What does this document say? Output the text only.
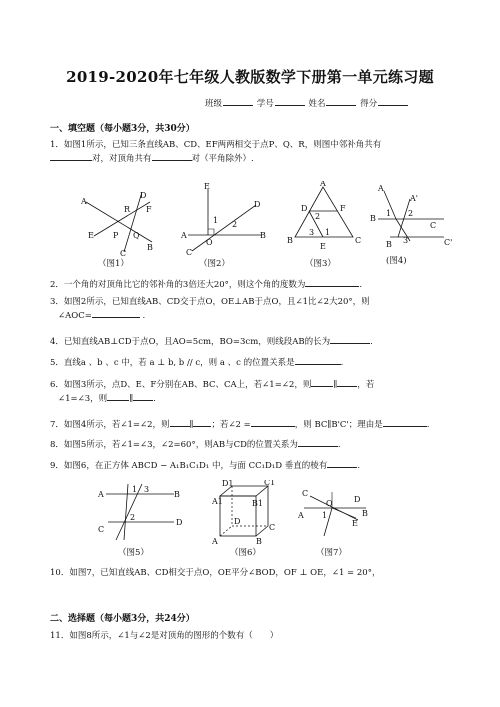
2019-2020年七年级人教版数学下册第一单元练习题
班级	学号	姓名	得分
一、填空题（每小题3分，共30分）
1．如图1所示，已知三条直线AB、CD、EF两两相交于点P、Q、R，则图中邻补角共有
对，对顶角共有	对（平角除外）.
A
D
R F
E P Q
C
B
（图1）
E
D
1 2
A	B
O
C
（图2）
A
D
2
F
3 1
B	C
E
（图3）
A
A'
1
B
2
C
3
B	C'
(图4)
2．一个角的对顶角比它的邻补角的3倍还大20°，则这个角的度数为	.
3．如图2所示，已知直线AB、CD交于点O，OE⊥AB于点O，且∠1比∠2大20°，则
∠AOC=	.
4．已知直线AB⊥CD于点O，且AO=5cm，BO=3cm，则线段AB的长为	.
5．直线a 、b 、c 中，若 a ⊥ b, b // c，则 a 、c 的位置关系是	.
6．如图3所示，点D、E、F分别在AB、BC、CA上，若∠1=∠2，则	∥ ，若
∠1=∠3，则	∥ .
7．如图4所示，若∠1=∠2，则 ∥ ；若∠2 =	，则 BC∥B'C'；理由是	.
8．如图5所示，若∠1=∠3，∠2=60°，则AB与CD的位置关系为	.
9．如图6，在正方体 ABCD − A₁B₁C₁D₁ 中，与面 CC₁D₁D 垂直的棱有	.
A
1 3
B
2
C
D
（图5）
D1	C1
A1	B1
D
C
A	B
（图6）
C
D
O
B
E
A 1
（图7）
10．如图7，已知直线AB、CD相交于点O，OE平分∠BOD，OF ⊥ OE，∠1 = 20°，
二、选择题（每小题3分，共24分）
11．如图8所示，∠1与∠2是对顶角的图形的个数有（　　）
